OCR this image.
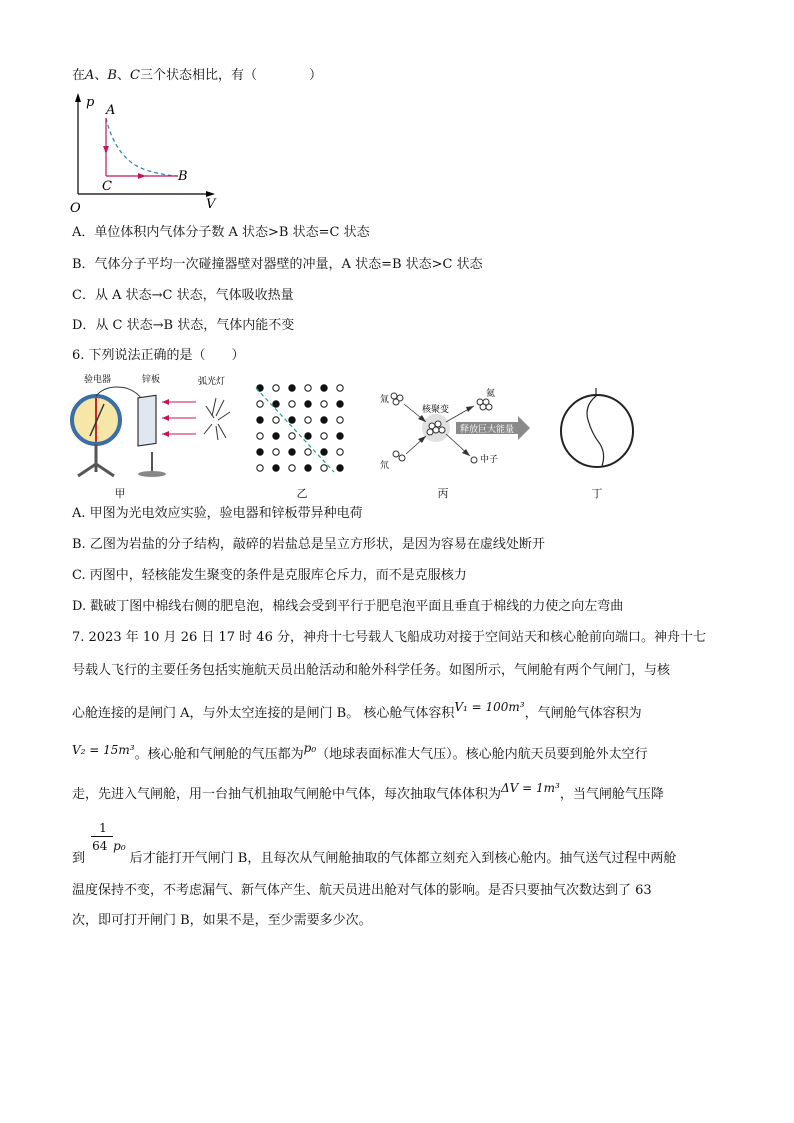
在A、B、C三个状态相比，有（　　　　）
p
V
O
A
B
C
A．单位体积内气体分子数 A 状态>B 状态=C 状态
B．气体分子平均一次碰撞器壁对器壁的冲量，A 状态=B 状态>C 状态
C．从 A 状态→C 状态，气体吸收热量
D．从 C 状态→B 状态，气体内能不变
6. 下列说法正确的是（　　）
验电器	锌板	弧光灯
甲	乙
核聚变
氚
氘
氦
中子
释放巨大能量
丙	丁
A. 甲图为光电效应实验，验电器和锌板带异种电荷
B. 乙图为岩盐的分子结构，敲碎的岩盐总是呈立方形状，是因为容易在虚线处断开
C. 丙图中，轻核能发生聚变的条件是克服库仑斥力，而不是克服核力
D. 戳破丁图中棉线右侧的肥皂泡，棉线会受到平行于肥皂泡平面且垂直于棉线的力使之向左弯曲
7. 2023 年 10 月 26 日 17 时 46 分，神舟十七号载人飞船成功对接于空间站天和核心舱前向端口。神舟十七
号载人飞行的主要任务包括实施航天员出舱活动和舱外科学任务。如图所示，气闸舱有两个气闸门，与核
心舱连接的是闸门 A，与外太空连接的是闸门 B。 核心舱气体容积V₁ = 100m³，气闸舱气体容积为
V₂ = 15m³。核心舱和气闸舱的气压都为p₀（地球表面标准大气压）。核心舱内航天员要到舱外太空行
走，先进入气闸舱，用一台抽气机抽取气闸舱中气体，每次抽取气体体积为ΔV = 1m³，当气闸舱气压降
到 $\frac{1}{64}$
p₀后才能打开气闸门 B，且每次从气闸舱抽取的气体都立刻充入到核心舱内。抽气送气过程中两舱
温度保持不变，不考虑漏气、新气体产生、航天员进出舱对气体的影响。是否只要抽气次数达到了 63
次，即可打开闸门 B，如果不是，至少需要多少次。
